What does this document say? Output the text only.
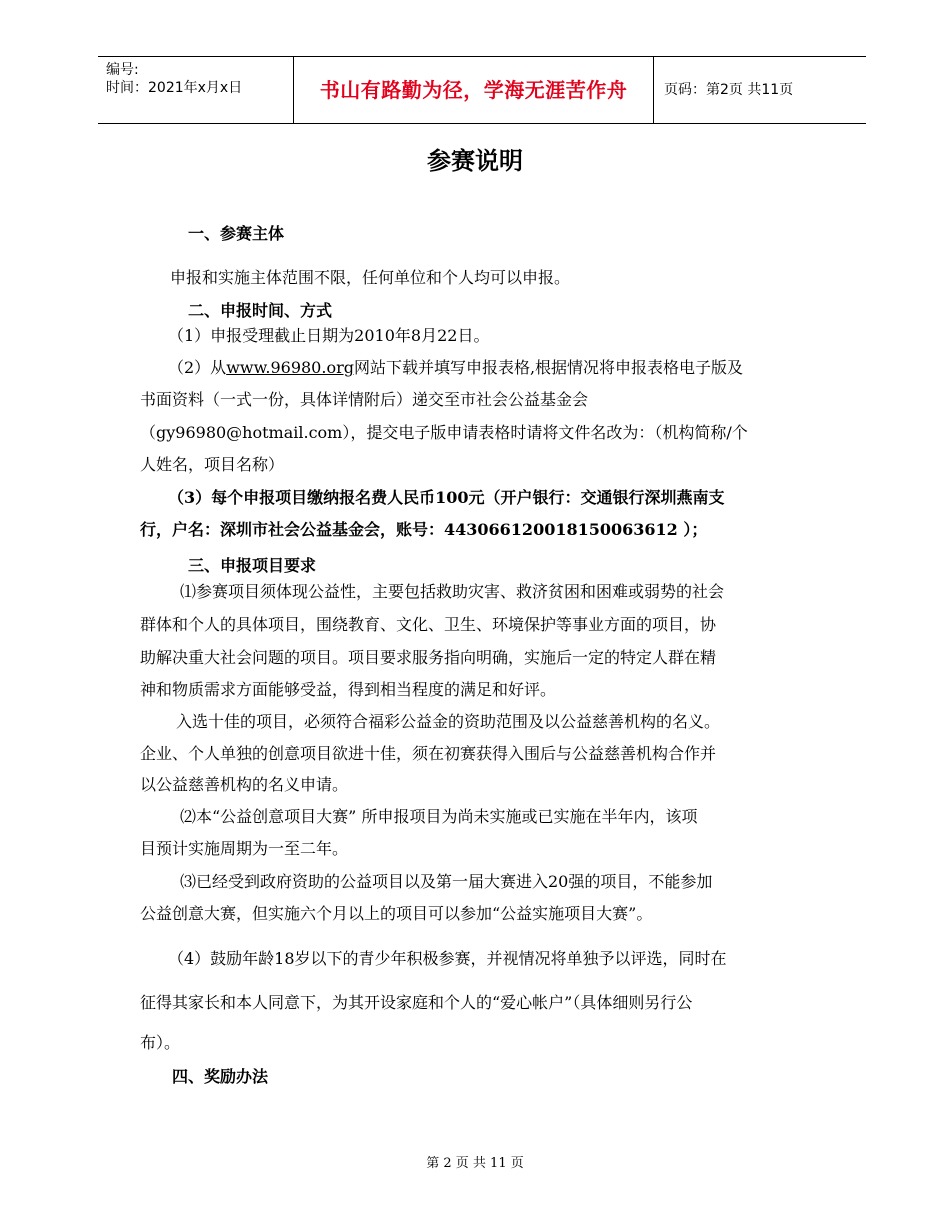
编号:
时间：2021年x月x日	书山有路勤为径，学海无涯苦作舟	页码：第2页 共11页
参赛说明
一、参赛主体
申报和实施主体范围不限，任何单位和个人均可以申报。
二、申报时间、方式
（1）申报受理截止日期为2010年8月22日。
（2）从www.96980.org网站下载并填写申报表格,根据情况将申报表格电子版及
书面资料（一式一份，具体详情附后）递交至市社会公益基金会
（gy96980@hotmail.com），提交电子版申请表格时请将文件名改为：（机构简称/个
人姓名，项目名称）
（3）每个申报项目缴纳报名费人民币100元（开户银行：交通银行深圳燕南支
行，户名：深圳市社会公益基金会，账号：443066120018150063612 ）；
三、申报项目要求
⑴参赛项目须体现公益性，主要包括救助灾害、救济贫困和困难或弱势的社会
群体和个人的具体项目，围绕教育、文化、卫生、环境保护等事业方面的项目，协
助解决重大社会问题的项目。项目要求服务指向明确，实施后一定的特定人群在精
神和物质需求方面能够受益，得到相当程度的满足和好评。
入选十佳的项目，必须符合福彩公益金的资助范围及以公益慈善机构的名义。
企业、个人单独的创意项目欲进十佳，须在初赛获得入围后与公益慈善机构合作并
以公益慈善机构的名义申请。
⑵本“公益创意项目大赛” 所申报项目为尚未实施或已实施在半年内，该项
目预计实施周期为一至二年。
⑶已经受到政府资助的公益项目以及第一届大赛进入20强的项目，不能参加
公益创意大赛，但实施六个月以上的项目可以参加“公益实施项目大赛”。
（4）鼓励年龄18岁以下的青少年积极参赛，并视情况将单独予以评选，同时在
征得其家长和本人同意下，为其开设家庭和个人的“爱心帐户”（具体细则另行公
布）。
四、奖励办法
第 2 页 共 11 页
